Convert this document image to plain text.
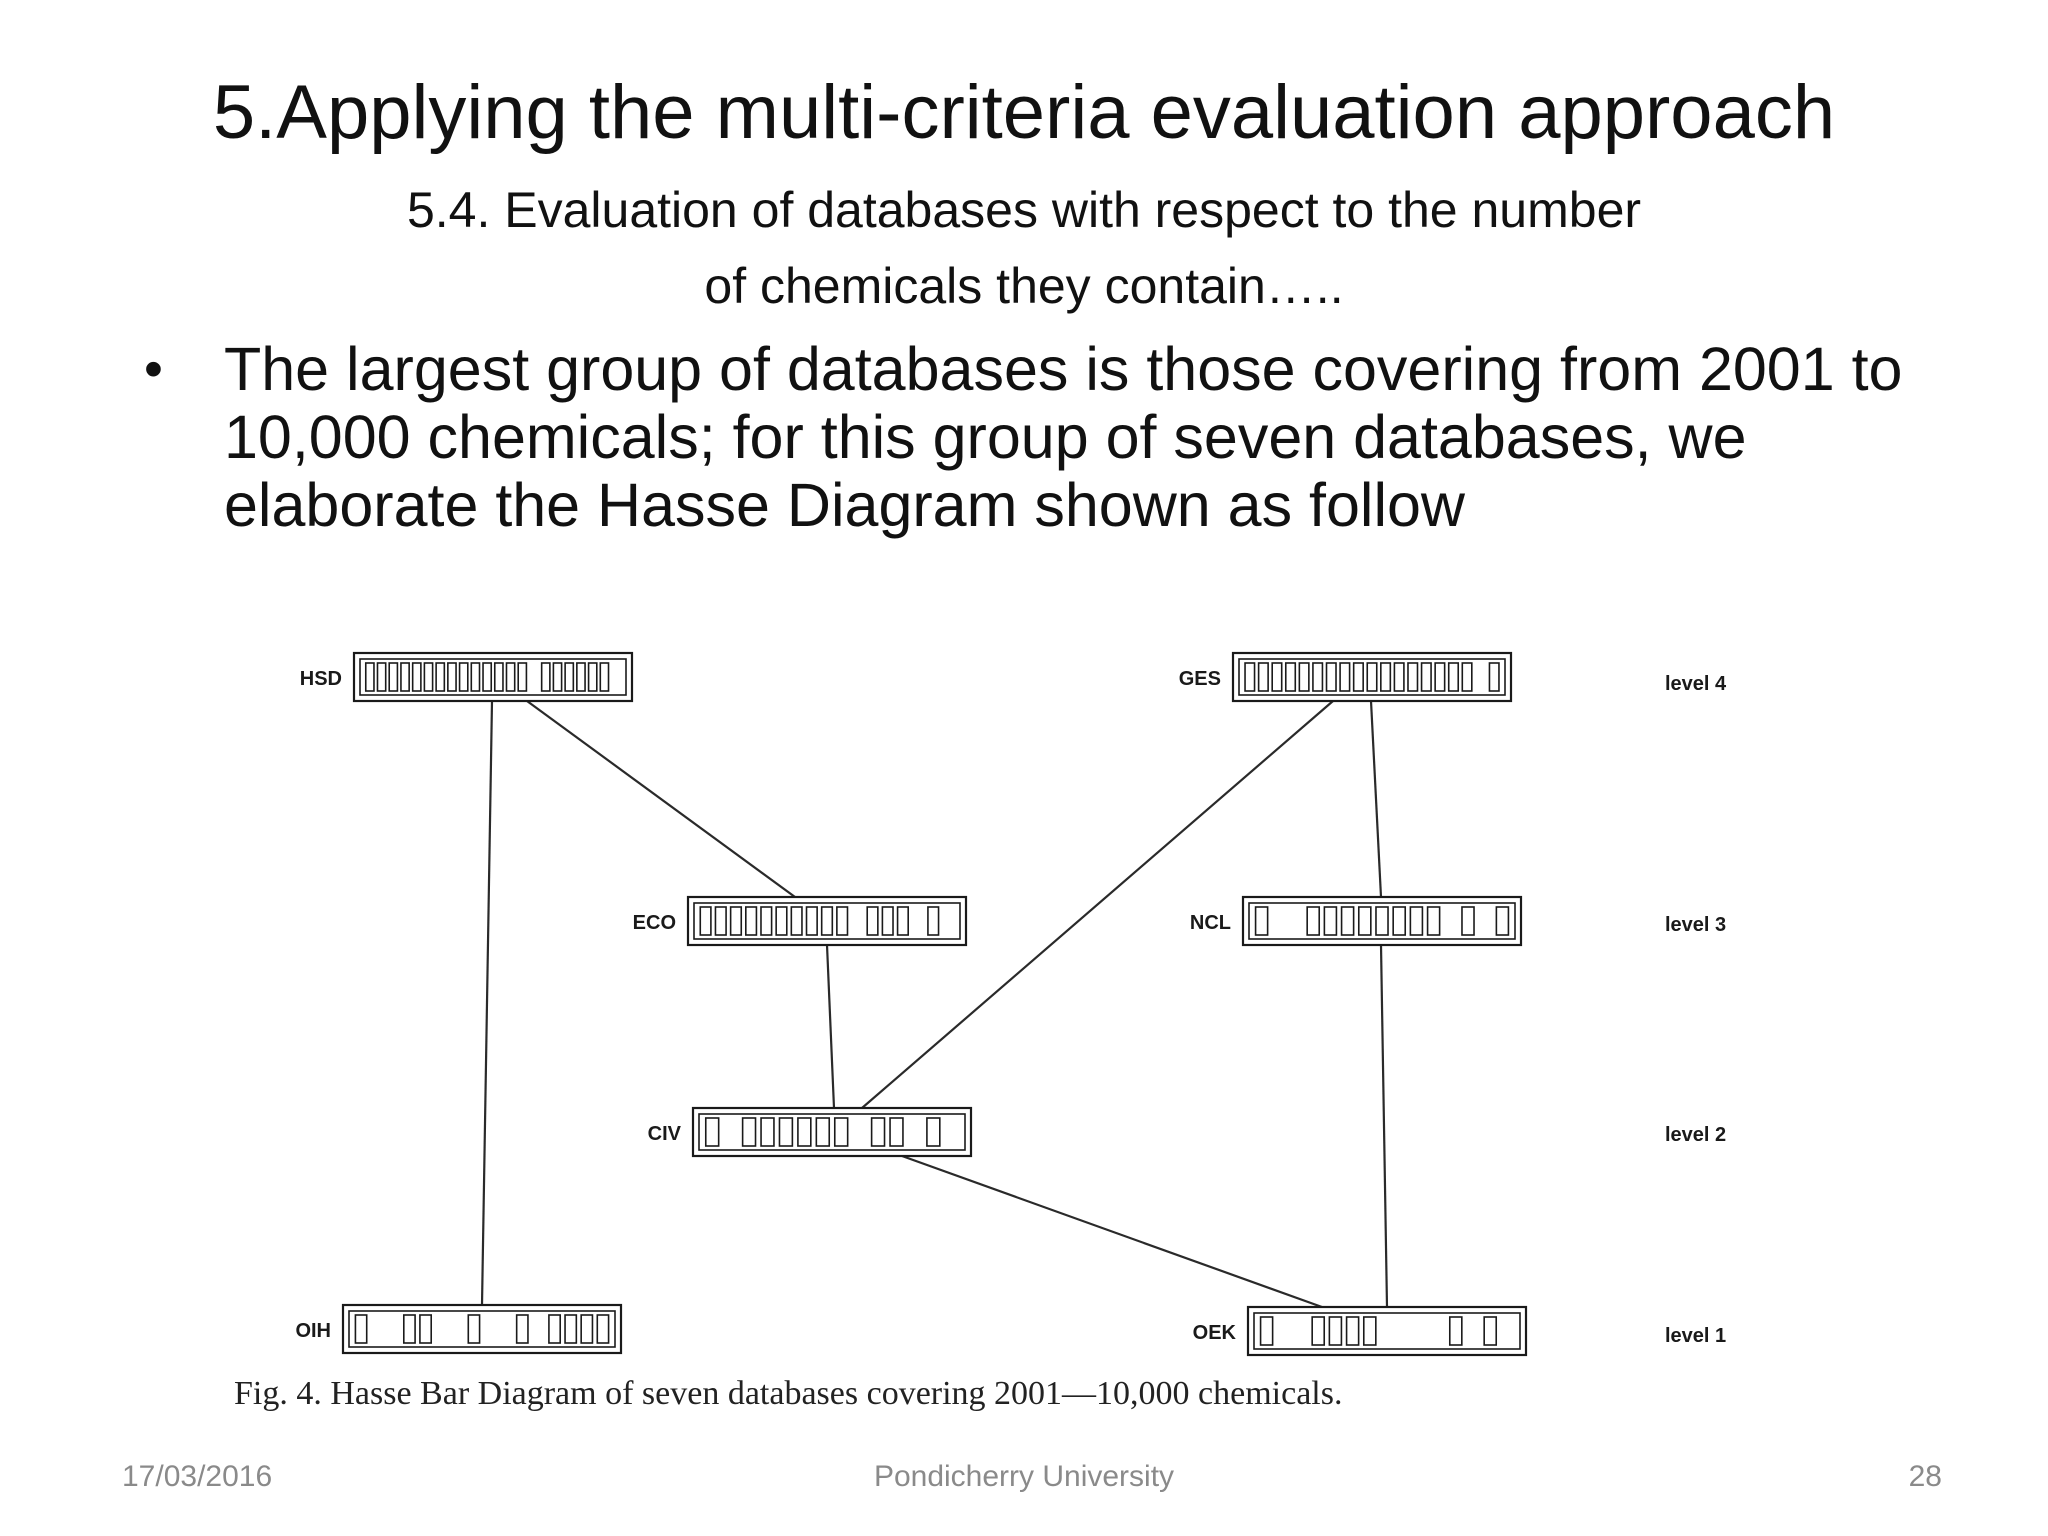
5.Applying the multi-criteria evaluation approach
5.4. Evaluation of databases with respect to the number
of chemicals they contain…..
•	The largest group of databases is those covering from 2001 to 10,000 chemicals; for this group of seven databases, we elaborate the Hasse Diagram shown as follow
HSD	GES
ECO	NCL
CIV
OIH	OEK
level 4
level 3
level 2
level 1
Fig. 4. Hasse Bar Diagram of seven databases covering 2001—10,000 chemicals.
17/03/2016	Pondicherry University	28
